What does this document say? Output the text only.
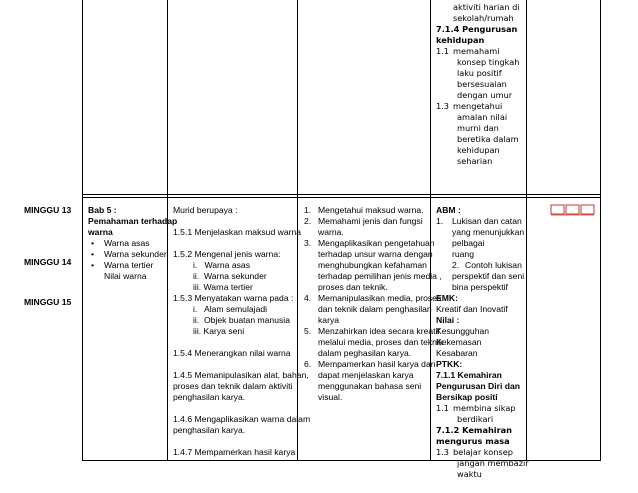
aktiviti harian di
sekolah/rumah
7.1.4 Pengurusan
kehidupan
1.1 memahami
konsep tingkah
laku positif
bersesuaian
dengan umur
1.3 mengetahui
amalan nilai
murni dan
beretika dalam
kehidupan
seharian
MINGGU 13
MINGGU 14
MINGGU 15
Bab 5 :
Pemahaman terhadap
warna
• Warna asas
• Warna sekunder
• Warna tertier
Nilai warna
Murid berupaya :
1.5.1 Menjelaskan maksud warna
1.5.2 Mengenal jenis warna:
i.   Warna asas
ii.  Warna sekunder
iii. Warna tertier
1.5.3 Menyatakan warna pada :
i.   Alam semulajadi
ii.  Objek buatan manusia
iii. Karya seni
1.5.4 Menerangkan nilai warna
1.4.5 Memanipulasikan alat, bahan,
proses dan teknik dalam aktiviti
penghasilan karya.
1.4.6 Mengaplikasikan warna dalam
penghasilan karya.
1.4.7 Mempamerkan hasil karya
1. Mengetahui maksud warna.
2. Memahami jenis dan fungsi
warna.
3. Mengaplikasikan pengetahuan
terhadap unsur warna dengan
menghubungkan kefahaman
terhadap pemilihan jenis media ,
proses dan teknik.
4. Memanipulasikan media, proses
dan teknik dalam penghasilan
karya
5. Menzahirkan idea secara kreatif
melalui media, proses dan teknik
dalam peghasilan karya.
6. Mempamerkan hasil karya dan
dapat menjelaskan karya
menggunakan bahasa seni
visual.
ABM :
1. Lukisan dan catan
yang menunjukkan
pelbagai
ruang
2. Contoh lukisan
perspektif dan seni
bina perspektif
EMK:
Kreatif dan Inovatif
Nilai :
Kesungguhan
Kekemasan
Kesabaran
PTKK:
7.1.1 Kemahiran
Pengurusan Diri dan
Bersikap positi
1.1 membina sikap
berdikari
7.1.2 Kemahiran
mengurus masa
1.3 belajar konsep
jangan membazir
waktu
